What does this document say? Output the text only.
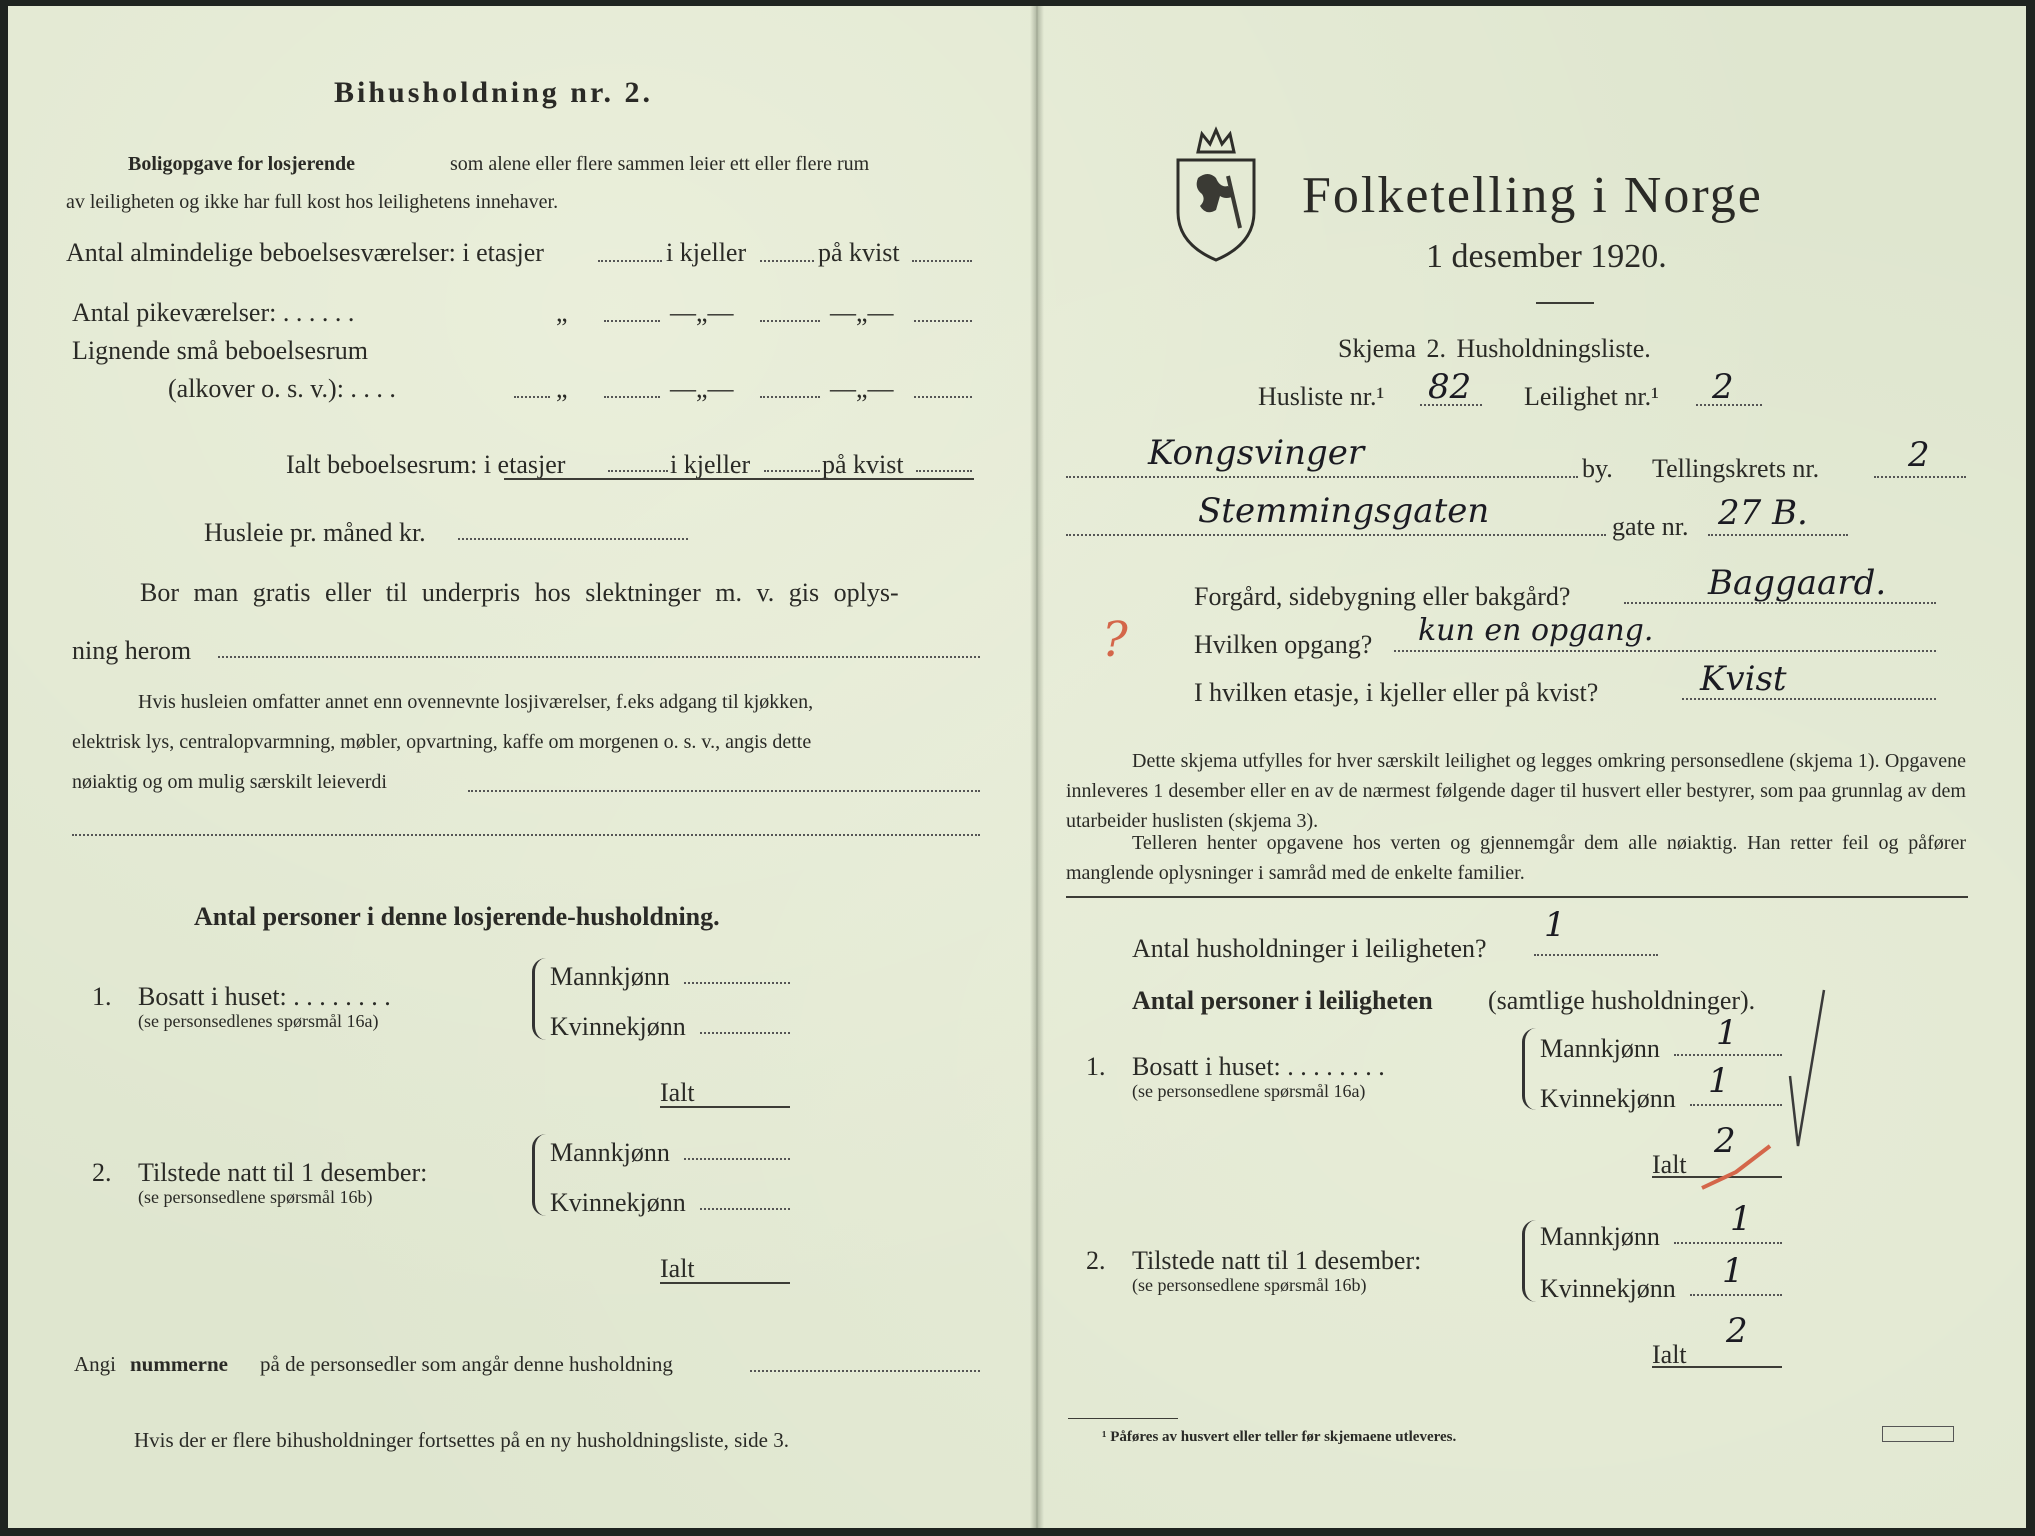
Bihusholdning nr. 2.
Boligopgave for losjerende	som alene eller flere sammen leier ett eller flere rum
av leiligheten og ikke har full kost hos leilighetens innehaver.
Antal almindelige beboelsesværelser: i etasjer	i kjeller	på kvist
Antal pikeværelser: . . . . . .	„	—„—	—„—
Lignende små beboelsesrum
(alkover o. s. v.): . . . .	„	—„—	—„—
Ialt beboelsesrum: i etasjer	i kjeller	på kvist
Husleie pr. måned kr.
Bor man gratis eller til underpris hos slektninger m. v. gis oplys-
ning herom
Hvis husleien omfatter annet enn ovennevnte losjiværelser, f.eks adgang til kjøkken,
elektrisk lys, centralopvarmning, møbler, opvartning, kaffe om morgenen o. s. v., angis dette
nøiaktig og om mulig særskilt leieverdi
Antal personer i denne losjerende-husholdning.
1. Bosatt i huset: . . . . . . . .
(se personsedlenes spørsmål 16a)
Mannkjønn
Kvinnekjønn
Ialt
2. Tilstede natt til 1 desember:
(se personsedlene spørsmål 16b)
Mannkjønn
Kvinnekjønn
Ialt
Angi nummerne på de personsedler som angår denne husholdning
Hvis der er flere bihusholdninger fortsettes på en ny husholdningsliste, side 3.
Folketelling i Norge
1 desember 1920.
Skjema 2. Husholdningsliste.
Husliste nr.¹ 82 Leilighet nr.¹ 2
Kongsvinger	by. Tellingskrets nr.	2
Stemmingsgaten	gate nr. 27 B.
?
Forgård, sidebygning eller bakgård?	Baggaard.
Hvilken opgang? kun en opgang.
I hvilken etasje, i kjeller eller på kvist?	Kvist
Dette skjema utfylles for hver særskilt leilighet og legges omkring personsedlene (skjema 1). Opgavene innleveres 1 desember eller en av de nærmest følgende dager til husvert eller bestyrer, som paa grunnlag av dem utarbeider huslisten (skjema 3).
Telleren henter opgavene hos verten og gjennemgår dem alle nøiaktig. Han retter feil og påfører manglende oplysninger i samråd med de enkelte familier.
Antal husholdninger i leiligheten?
1
Antal personer i leiligheten (samtlige husholdninger).
1. Bosatt i huset: . . . . . . . .
(se personsedlene spørsmål 16a)
Mannkjønn 1
Kvinnekjønn 1
Ialt
2
2. Tilstede natt til 1 desember:
(se personsedlene spørsmål 16b)
Mannkjønn 1
Kvinnekjønn 1
Ialt
2
¹ Påføres av husvert eller teller før skjemaene utleveres.
